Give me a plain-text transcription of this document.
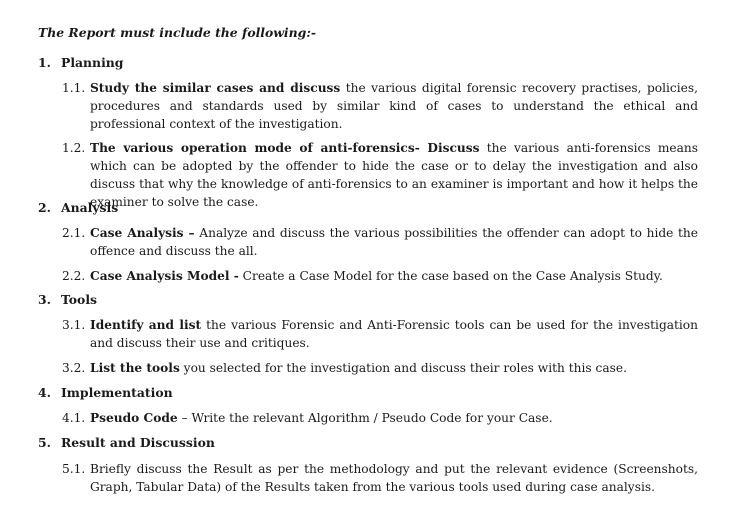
The Report must include the following:-
1. Planning
1.1. Study the similar cases and discuss the various digital forensic recovery practises, policies, procedures and standards used by similar kind of cases to understand the ethical and professional context of the investigation.
1.2. The various operation mode of anti-forensics- Discuss the various anti-forensics means which can be adopted by the offender to hide the case or to delay the investigation and also discuss that why the knowledge of anti-forensics to an examiner is important and how it helps the examiner to solve the case.
2. Analysis
2.1. Case Analysis – Analyze and discuss the various possibilities the offender can adopt to hide the offence and discuss the all.
2.2. Case Analysis Model - Create a Case Model for the case based on the Case Analysis Study.
3. Tools
3.1. Identify and list the various Forensic and Anti-Forensic tools can be used for the investigation and discuss their use and critiques.
3.2. List the tools you selected for the investigation and discuss their roles with this case.
4. Implementation
4.1. Pseudo Code – Write the relevant Algorithm / Pseudo Code for your Case.
5. Result and Discussion
5.1. Briefly discuss the Result as per the methodology and put the relevant evidence (Screenshots, Graph, Tabular Data) of the Results taken from the various tools used during case analysis.
